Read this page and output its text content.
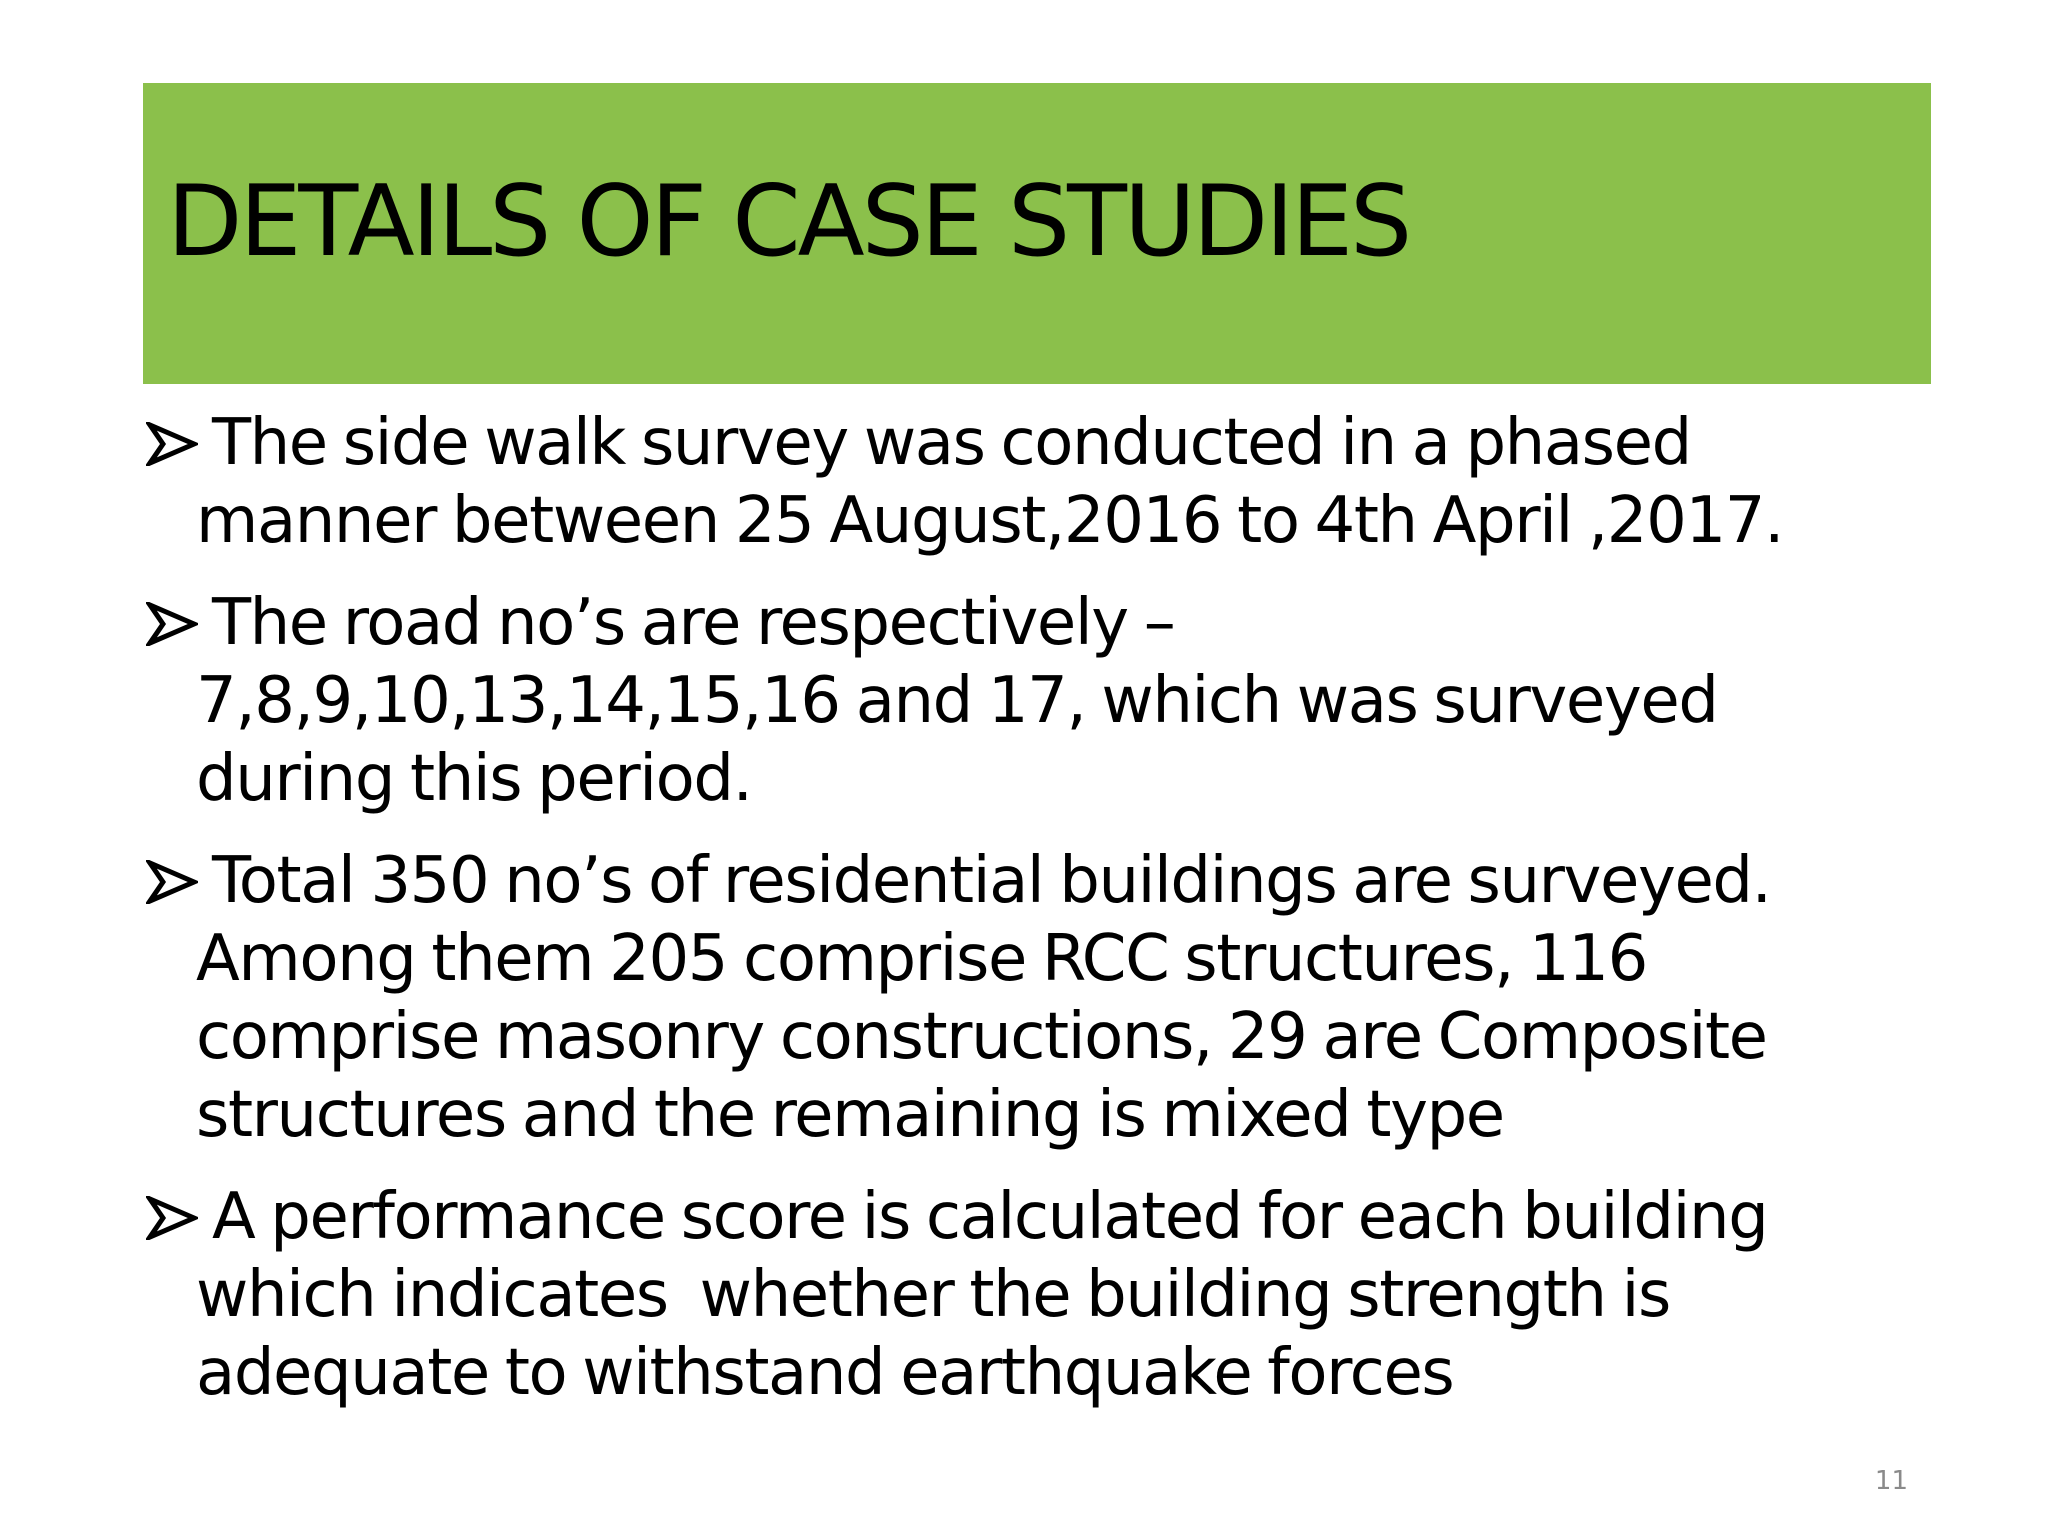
DETAILS OF CASE STUDIES
The side walk survey was conducted in a phased
manner between 25 August,2016 to 4th April ,2017.
The road no’s are respectively –
7,8,9,10,13,14,15,16 and 17, which was surveyed
during this period.
Total 350 no’s of residential buildings are surveyed.
Among them 205 comprise RCC structures, 116
comprise masonry constructions, 29 are Composite
structures and the remaining is mixed type
A performance score is calculated for each building
which indicates  whether the building strength is
adequate to withstand earthquake forces
11
